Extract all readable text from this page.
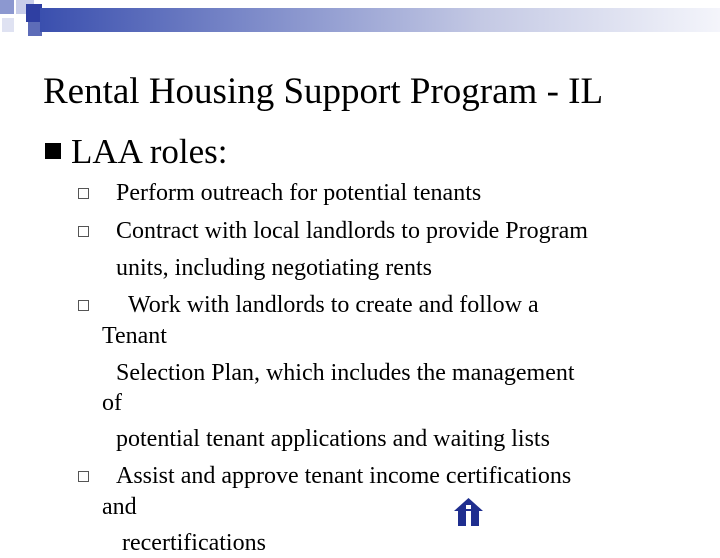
Rental Housing Support Program - IL
LAA roles:
Perform outreach for potential tenants
Contract with local landlords to provide Program
units, including negotiating rents
Work with landlords to create and follow a
Tenant
Selection Plan, which includes the management
of
potential tenant applications and waiting lists
Assist and approve tenant income certifications
and
recertifications
